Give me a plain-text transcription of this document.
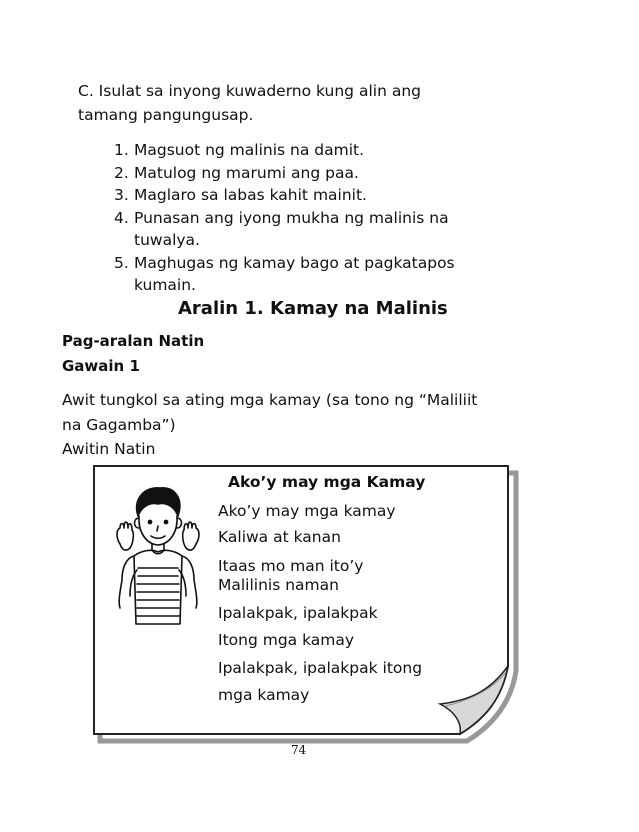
C. Isulat sa inyong kuwaderno kung alin ang
tamang pangungusap.
1. Magsuot ng malinis na damit.
2. Matulog ng marumi ang paa.
3. Maglaro sa labas kahit mainit.
4. Punasan ang iyong mukha ng malinis na
tuwalya.
5. Maghugas ng kamay bago at pagkatapos
kumain.
Aralin 1. Kamay na Malinis
Pag-aralan Natin
Gawain 1
Awit tungkol sa ating mga kamay (sa tono ng “Maliliit
na Gagamba”)
Awitin Natin
Ako’y may mga Kamay
Ako’y may mga kamay
Kaliwa at kanan
Itaas mo man ito’y
Malilinis naman
Ipalakpak, ipalakpak
Itong mga kamay
Ipalakpak, ipalakpak itong
mga kamay
74
